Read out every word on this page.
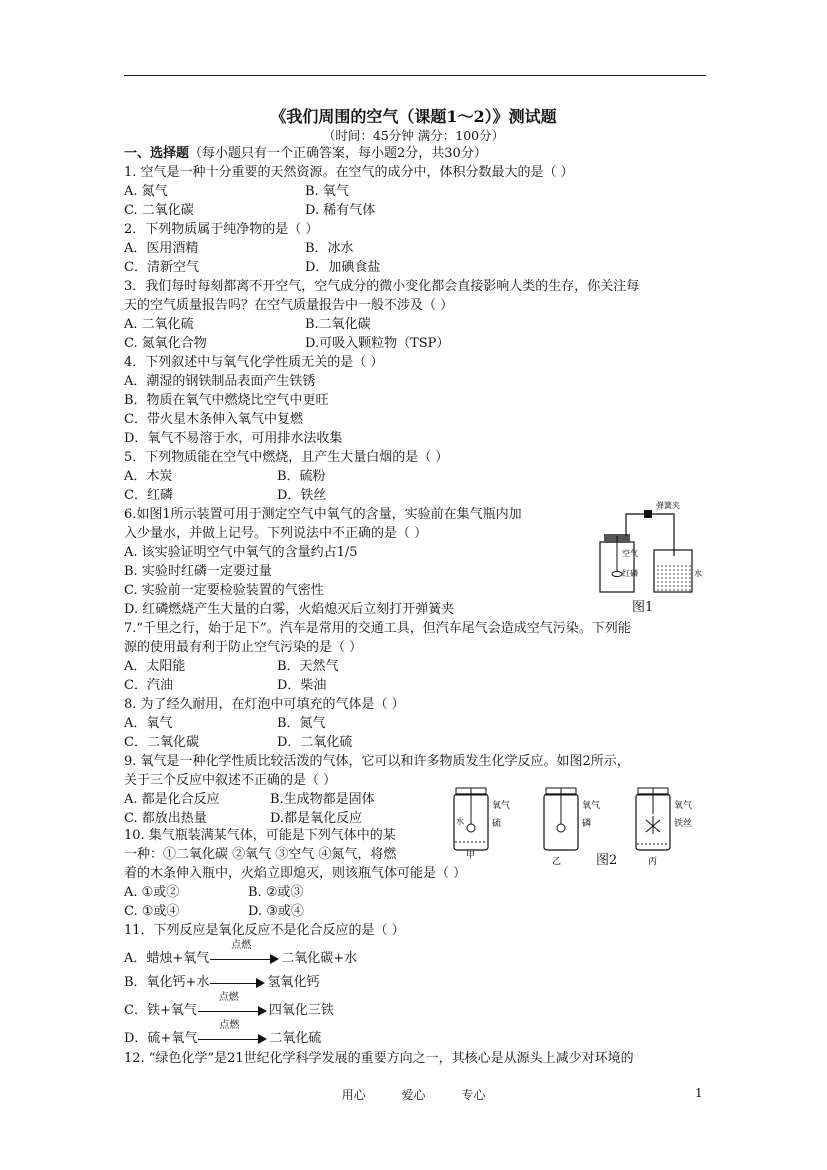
《我们周围的空气（课题1～2）》测试题
（时间：45分钟 满分：100分）
一、选择题（每小题只有一个正确答案，每小题2分，共30分）
1. 空气是一种十分重要的天然资源。在空气的成分中，体积分数最大的是（ ）
A. 氮气	B. 氧气
C. 二氧化碳	D. 稀有气体
2．下列物质属于纯净物的是（ ）
A．医用酒精	B．冰水
C．清新空气	D．加碘食盐
3．我们每时每刻都离不开空气，空气成分的微小变化都会直接影响人类的生存，你关注每
天的空气质量报告吗？在空气质量报告中一般不涉及（ ）
A. 二氧化硫	B.二氧化碳
C. 氮氧化合物	D.可吸入颗粒物（TSP）
4．下列叙述中与氧气化学性质无关的是（ ）
A．潮湿的钢铁制品表面产生铁锈
B．物质在氧气中燃烧比空气中更旺
C．带火星木条伸入氧气中复燃
D．氧气不易溶于水，可用排水法收集
5．下列物质能在空气中燃烧，且产生大量白烟的是（ ）
A．木炭	B．硫粉
C．红磷	D．铁丝
6.如图1所示装置可用于测定空气中氧气的含量，实验前在集气瓶内加
入少量水，并做上记号。下列说法中不正确的是（ ）
A. 该实验证明空气中氧气的含量约占1/5
B. 实验时红磷一定要过量
C. 实验前一定要检验装置的气密性
D. 红磷燃烧产生大量的白雾，火焰熄灭后立刻打开弹簧夹
弹簧夹
空气
红磷	水
图1
7.“千里之行，始于足下”。汽车是常用的交通工具，但汽车尾气会造成空气污染。下列能
源的使用最有利于防止空气污染的是（ ）
A．太阳能	B．天然气
C．汽油	D．柴油
8. 为了经久耐用，在灯泡中可填充的气体是（ ）
A．氧气	B．氮气
C．二氧化碳	D．二氧化硫
9. 氧气是一种化学性质比较活泼的气体，它可以和许多物质发生化学反应。如图2所示，
关于三个反应中叙述不正确的是（ ）
A. 都是化合反应	B.生成物都是固体
C. 都放出热量	D.都是氧化反应
氧气
硫
水
甲
氧气
磷
乙
氧气
铁丝
丙
图2
10. 集气瓶装满某气体，可能是下列气体中的某
一种：①二氧化碳 ②氧气 ③空气 ④氮气，将燃
着的木条伸入瓶中，火焰立即熄灭，则该瓶气体可能是（ ）
A. ①或②	B. ②或③
C. ①或④	D. ③或④
11．下列反应是氧化反应不是化合反应的是（ ）
A．蜡烛+氧气
点燃
二氧化碳+水
B．氧化钙+水	氢氧化钙
C．铁+氧气
点燃
四氧化三铁
D．硫+氧气
点燃
二氧化硫
12. “绿色化学”是21世纪化学科学发展的重要方向之一，其核心是从源头上减少对环境的
用心	爱心	专心	1
